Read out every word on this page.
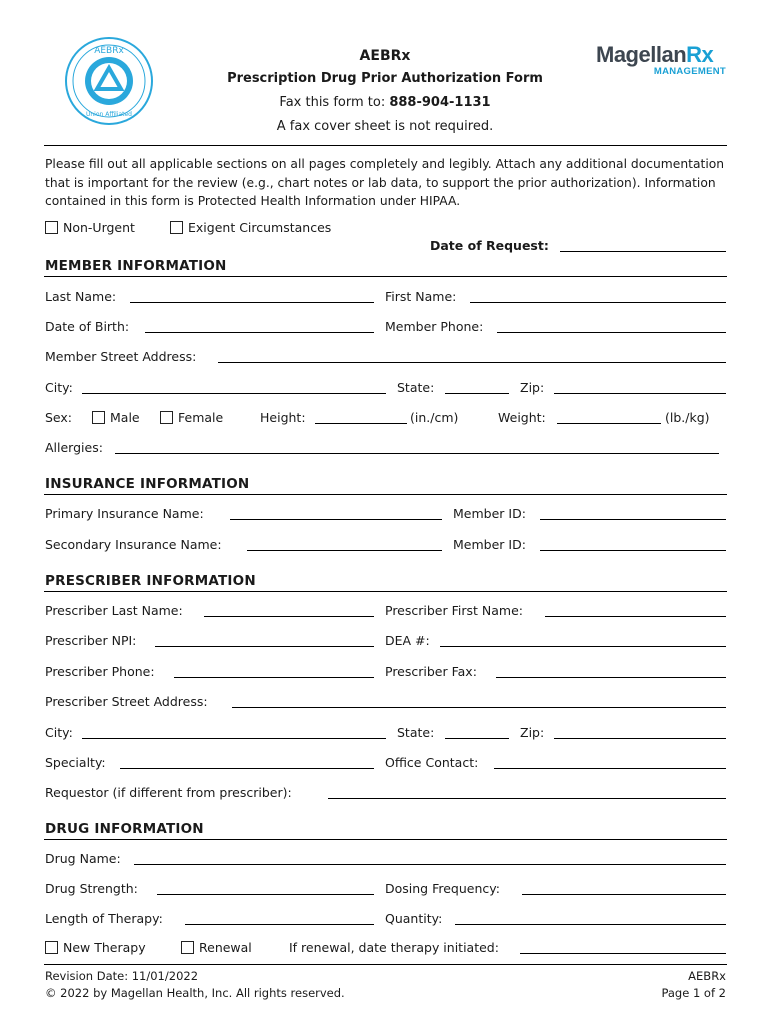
AEBRx
Union Affiliated
MagellanRx
MANAGEMENT
AEBRx
Prescription Drug Prior Authorization Form
Fax this form to: 888-904-1131
A fax cover sheet is not required.
Please fill out all applicable sections on all pages completely and legibly. Attach any additional documentation that is important for the review (e.g., chart notes or lab data, to support the prior authorization). Information contained in this form is Protected Health Information under HIPAA.
Non-Urgent	Exigent Circumstances
Date of Request:
MEMBER INFORMATION
Last Name:	First Name:
Date of Birth:	Member Phone:
Member Street Address:
City:	State:	Zip:
Sex:	Male	Female	Height:	(in./cm)	Weight:	(lb./kg)
Allergies:
INSURANCE INFORMATION
Primary Insurance Name:	Member ID:
Secondary Insurance Name:	Member ID:
PRESCRIBER INFORMATION
Prescriber Last Name:	Prescriber First Name:
Prescriber NPI:	DEA #:
Prescriber Phone:	Prescriber Fax:
Prescriber Street Address:
City:	State:	Zip:
Specialty:	Office Contact:
Requestor (if different from prescriber):
DRUG INFORMATION
Drug Name:
Drug Strength:	Dosing Frequency:
Length of Therapy:	Quantity:
New Therapy	Renewal	If renewal, date therapy initiated:
Revision Date: 11/01/2022
© 2022 by Magellan Health, Inc. All rights reserved.
AEBRx
Page 1 of 2
